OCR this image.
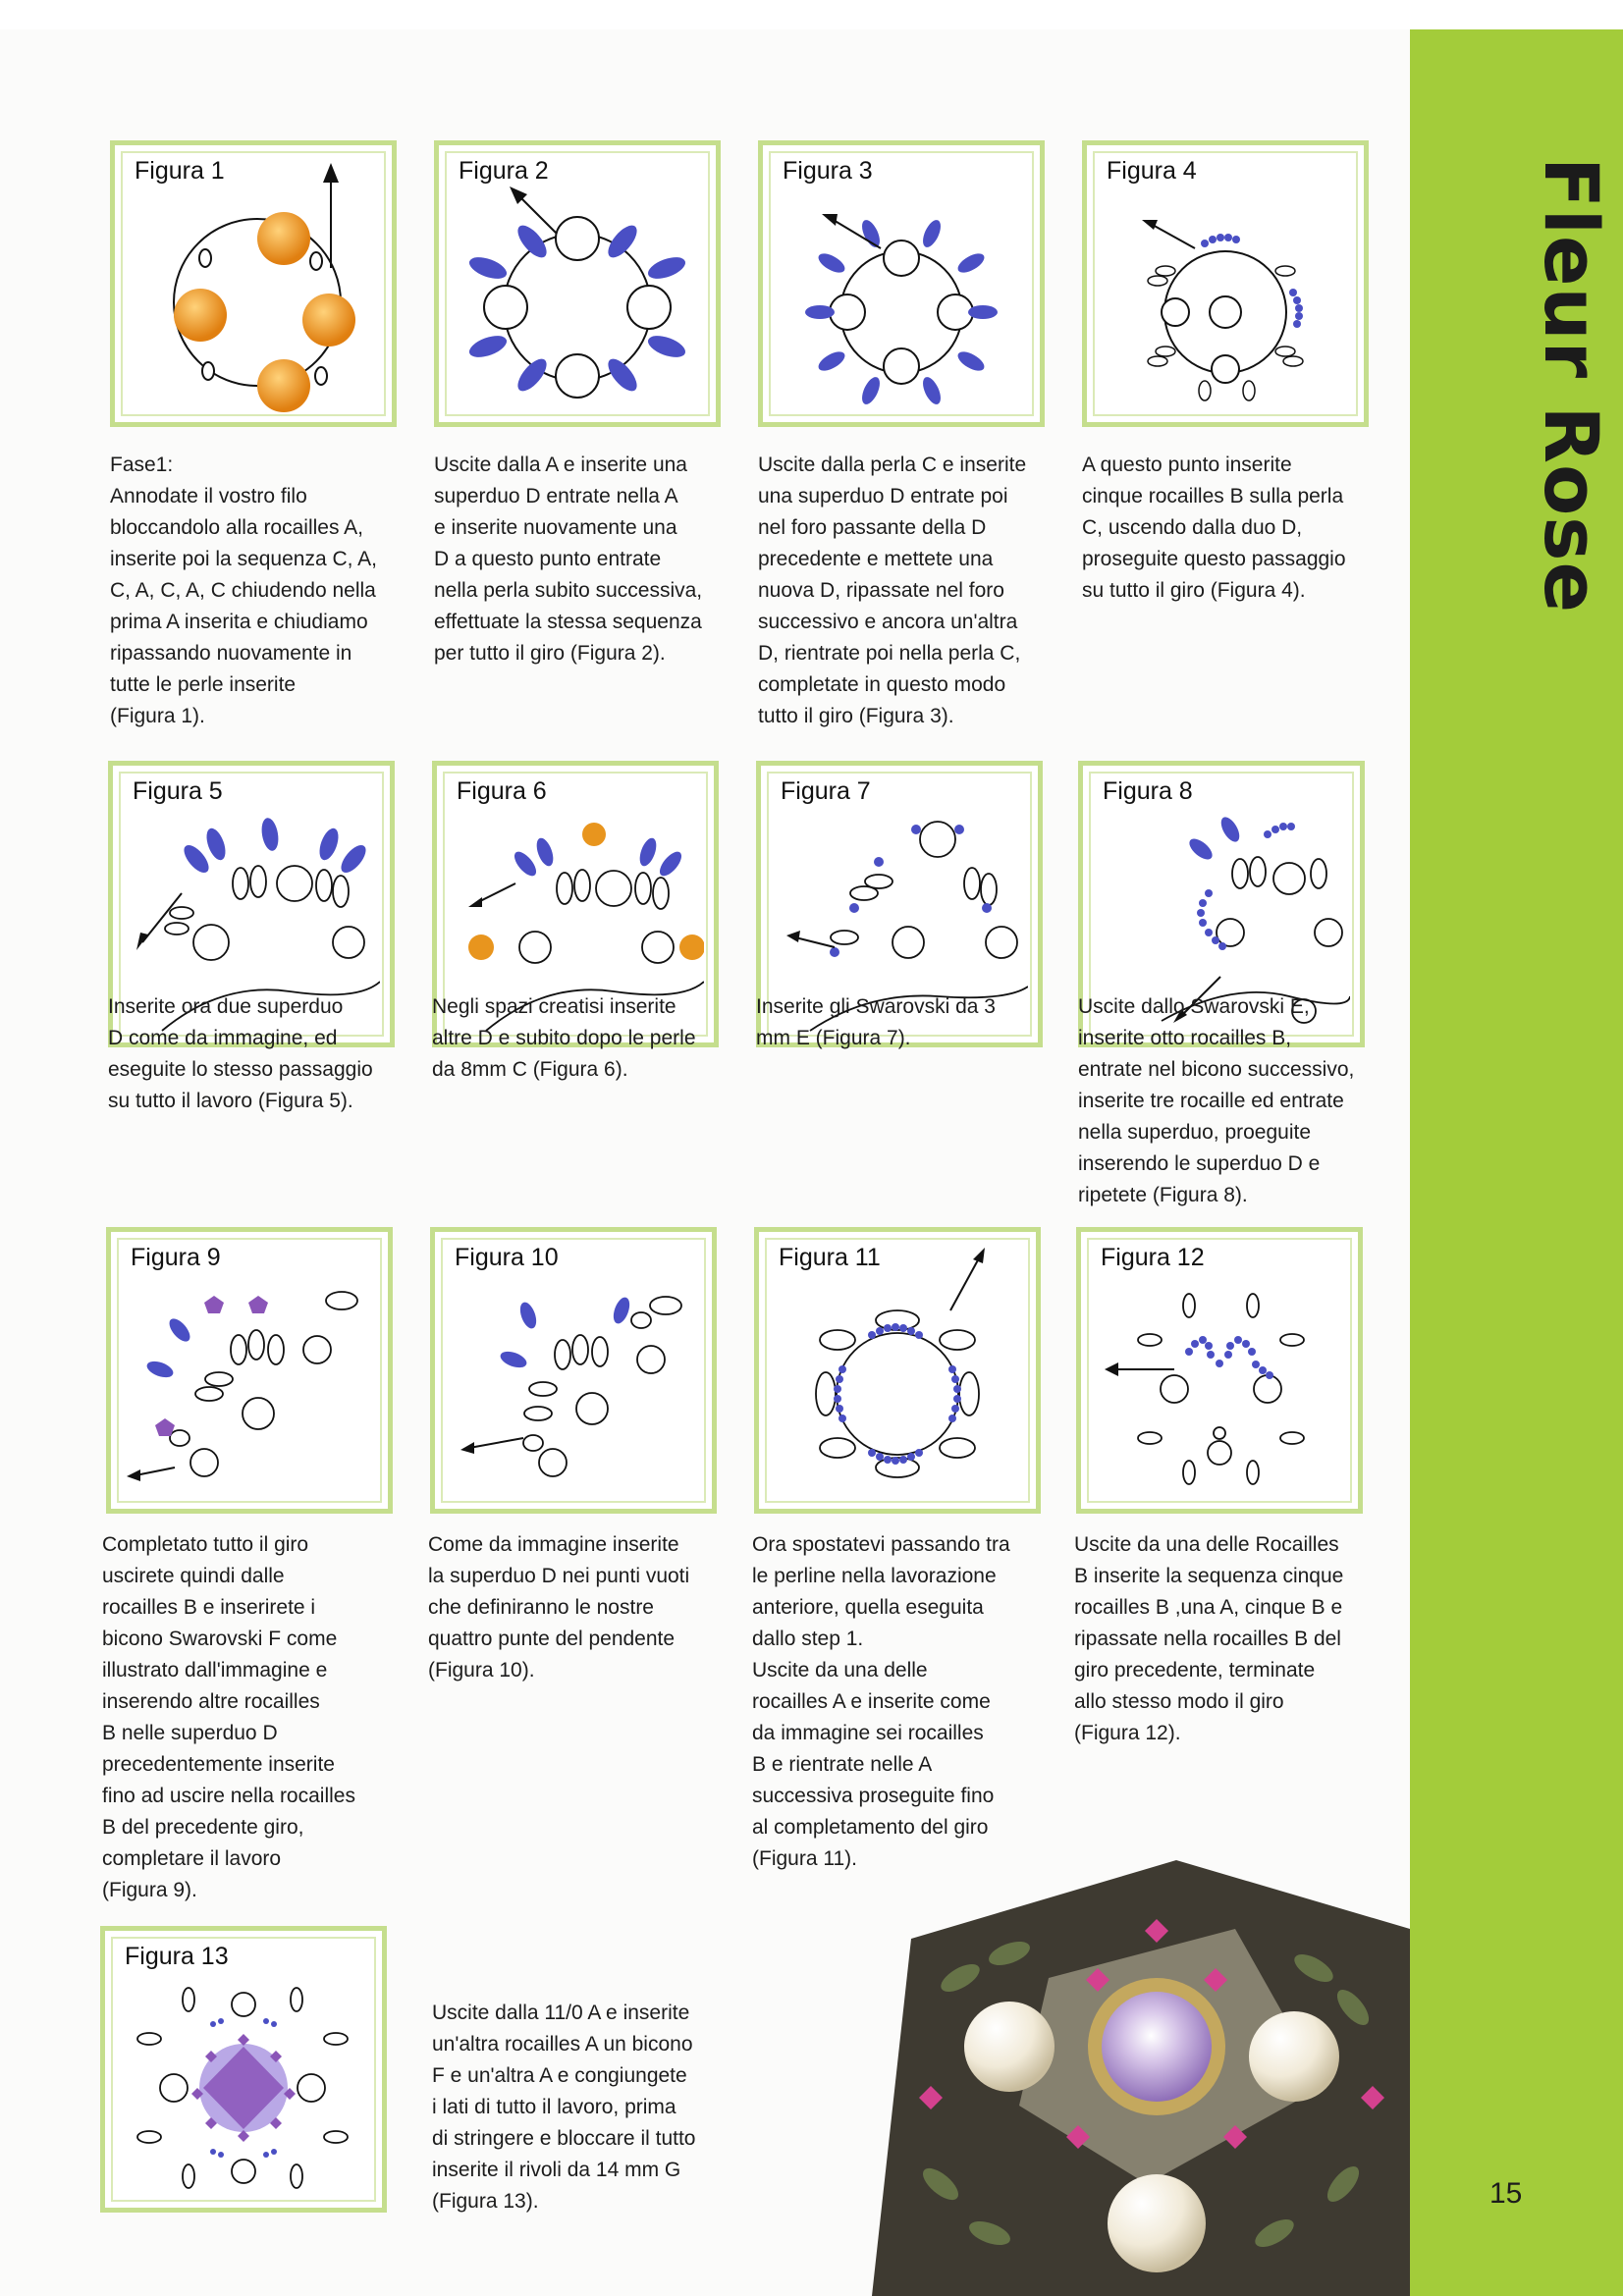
15
Figura 1

Fase1:
Annodate il vostro filo
bloccandolo alla rocailles A,
inserite poi la sequenza C, A,
C, A, C, A, C chiudendo nella
prima A inserita e chiudiamo
ripassando nuovamente in
tutte le perle inserite
(Figura 1).

Figura 2

Uscite dalla A e inserite una
superduo D entrate nella A
e inserite nuovamente una
D a questo punto entrate
nella perla subito successiva,
effettuate la stessa sequenza
per tutto il giro (Figura 2).

Figura 3

Uscite dalla perla C e inserite
una superduo D entrate poi
nel foro passante della D
precedente e mettete una
nuova D, ripassate nel foro
successivo e ancora un'altra
D, rientrate poi nella perla C,
completate in questo modo
tutto il giro (Figura 3).

Figura 4

A questo punto inserite
cinque rocailles B sulla perla
C, uscendo dalla duo D,
proseguite questo passaggio
su tutto il giro (Figura 4).

Figura 5

Inserite ora due superduo
D come da immagine, ed
eseguite lo stesso passaggio
su tutto il lavoro (Figura 5).

Figura 6

Negli spazi creatisi inserite
altre D e subito dopo le perle
da 8mm C (Figura 6).

Figura 7

Inserite gli Swarovski da 3
mm E (Figura 7).

Figura 8

Uscite dallo Swarovski E,
inserite otto rocailles B,
entrate nel bicono successivo,
inserite tre rocaille ed entrate
nella superduo, proeguite
inserendo le superduo D e
ripetete (Figura 8).

Figura 9

Completato tutto il giro
uscirete quindi dalle
rocailles B e inserirete i
bicono Swarovski F come
illustrato dall'immagine e
inserendo altre rocailles
B nelle superduo D
precedentemente inserite
fino ad uscire nella rocailles
B del precedente giro,
completare il lavoro
(Figura 9).

Figura 10

Come da immagine inserite
la superduo D nei punti vuoti
che definiranno le nostre
quattro punte del pendente
(Figura 10).

Figura 11

Ora spostatevi passando tra
le perline nella lavorazione
anteriore, quella eseguita
dallo step 1.
Uscite da una delle
rocailles A e inserite come
da immagine sei rocailles
B e rientrate nelle A
successiva proseguite fino
al completamento del giro
(Figura 11).

Figura 12

Uscite da una delle Rocailles
B inserite la sequenza cinque
rocailles B ,una A, cinque B e
ripassate nella rocailles B del
giro precedente, terminate
allo stesso modo il giro
(Figura 12).

Figura 13

Uscite dalla 11/0 A e inserite
un'altra rocailles A un bicono
F e un'altra A e congiungete
i lati di tutto il lavoro, prima
di stringere e bloccare il tutto
inserite il rivoli da 14 mm G
(Figura 13).
